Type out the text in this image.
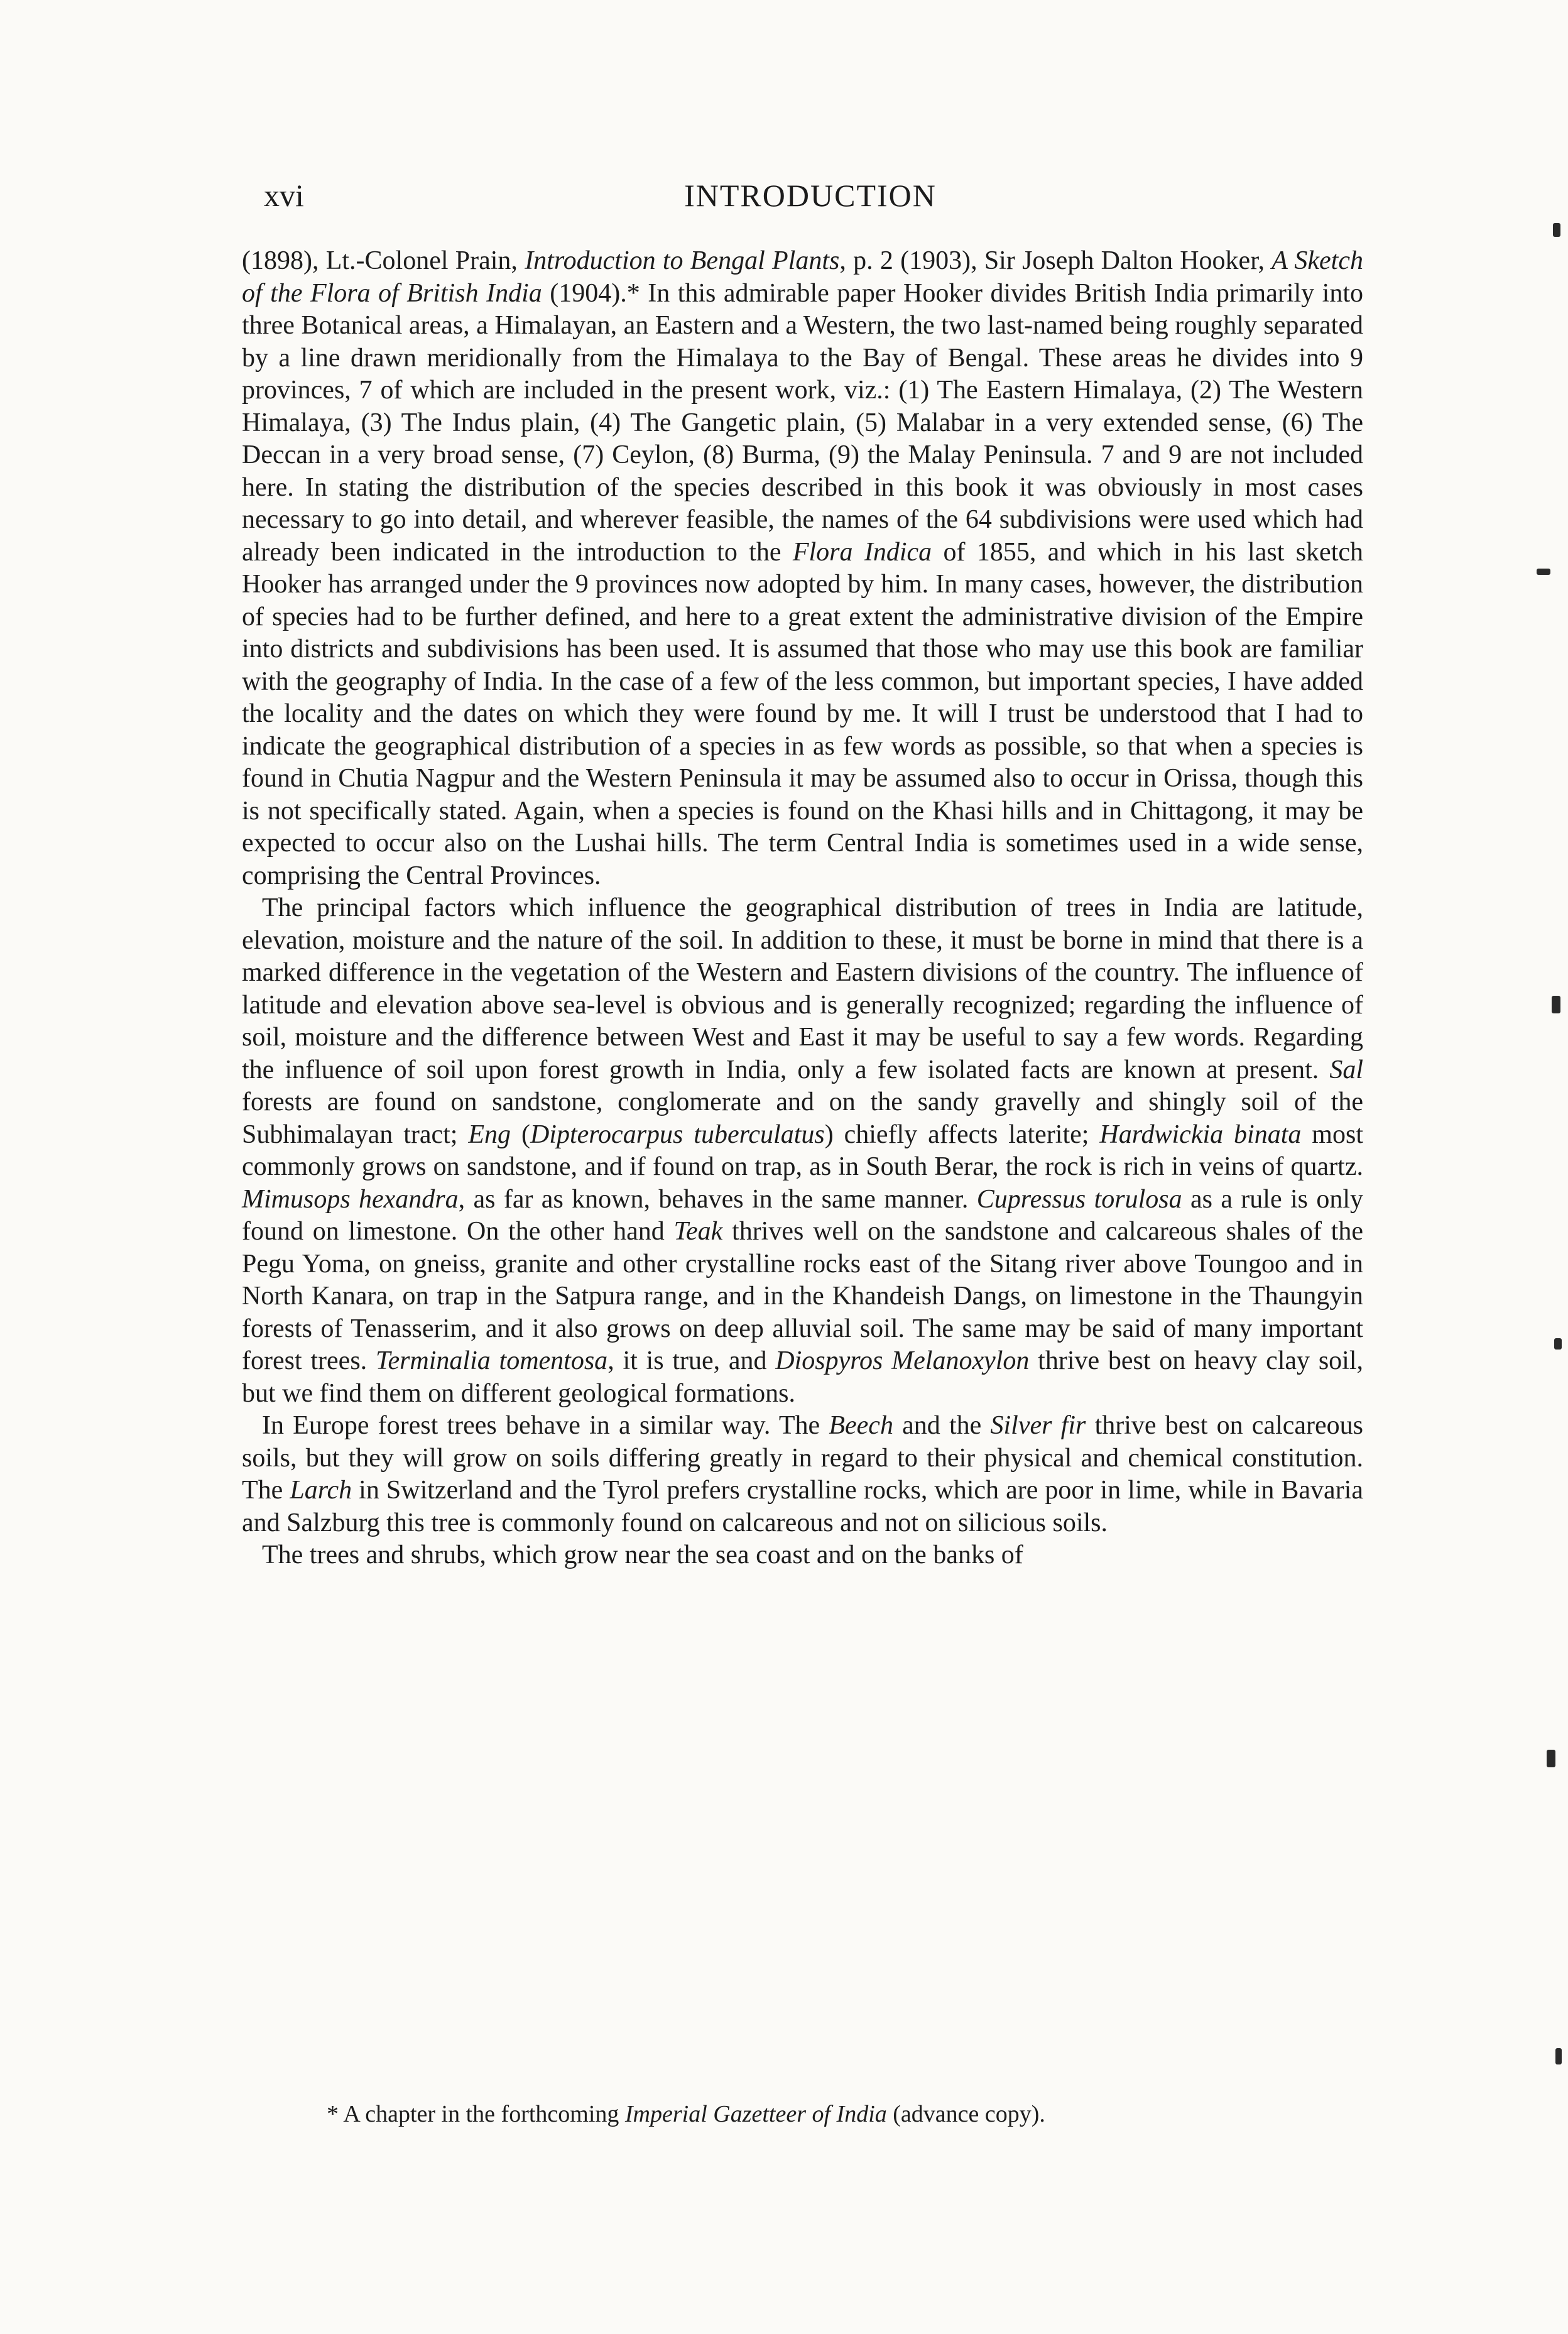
xvi	INTRODUCTION

(1898), Lt.-Colonel Prain, Introduction to Bengal Plants, p. 2 (1903), Sir Joseph Dalton Hooker, A Sketch of the Flora of British India (1904).* In this admirable paper Hooker divides British India primarily into three Botanical areas, a Himalayan, an Eastern and a Western, the two last-named being roughly separated by a line drawn meridionally from the Himalaya to the Bay of Bengal. These areas he divides into 9 provinces, 7 of which are included in the present work, viz.: (1) The Eastern Himalaya, (2) The Western Himalaya, (3) The Indus plain, (4) The Gangetic plain, (5) Malabar in a very extended sense, (6) The Deccan in a very broad sense, (7) Ceylon, (8) Burma, (9) the Malay Peninsula. 7 and 9 are not included here. In stating the distribution of the species described in this book it was obviously in most cases necessary to go into detail, and wherever feasible, the names of the 64 subdivisions were used which had already been indicated in the introduction to the Flora Indica of 1855, and which in his last sketch Hooker has arranged under the 9 provinces now adopted by him. In many cases, however, the distribution of species had to be further defined, and here to a great extent the administrative division of the Empire into districts and subdivisions has been used. It is assumed that those who may use this book are familiar with the geography of India. In the case of a few of the less common, but important species, I have added the locality and the dates on which they were found by me. It will I trust be understood that I had to indicate the geographical distribution of a species in as few words as possible, so that when a species is found in Chutia Nagpur and the Western Peninsula it may be assumed also to occur in Orissa, though this is not specifically stated. Again, when a species is found on the Khasi hills and in Chittagong, it may be expected to occur also on the Lushai hills. The term Central India is sometimes used in a wide sense, comprising the Central Provinces.

The principal factors which influence the geographical distribution of trees in India are latitude, elevation, moisture and the nature of the soil. In addition to these, it must be borne in mind that there is a marked difference in the vegetation of the Western and Eastern divisions of the country. The influence of latitude and elevation above sea-level is obvious and is generally recognized; regarding the influence of soil, moisture and the difference between West and East it may be useful to say a few words. Regarding the influence of soil upon forest growth in India, only a few isolated facts are known at present. Sal forests are found on sandstone, conglomerate and on the sandy gravelly and shingly soil of the Subhimalayan tract; Eng (Dipterocarpus tuberculatus) chiefly affects laterite; Hardwickia binata most commonly grows on sandstone, and if found on trap, as in South Berar, the rock is rich in veins of quartz. Mimusops hexandra, as far as known, behaves in the same manner. Cupressus torulosa as a rule is only found on limestone. On the other hand Teak thrives well on the sandstone and calcareous shales of the Pegu Yoma, on gneiss, granite and other crystalline rocks east of the Sitang river above Toungoo and in North Kanara, on trap in the Satpura range, and in the Khandeish Dangs, on limestone in the Thaungyin forests of Tenasserim, and it also grows on deep alluvial soil. The same may be said of many important forest trees. Terminalia tomentosa, it is true, and Diospyros Melanoxylon thrive best on heavy clay soil, but we find them on different geological formations.

In Europe forest trees behave in a similar way. The Beech and the Silver fir thrive best on calcareous soils, but they will grow on soils differing greatly in regard to their physical and chemical constitution. The Larch in Switzerland and the Tyrol prefers crystalline rocks, which are poor in lime, while in Bavaria and Salzburg this tree is commonly found on calcareous and not on silicious soils.

The trees and shrubs, which grow near the sea coast and on the banks of

* A chapter in the forthcoming Imperial Gazetteer of India (advance copy).
